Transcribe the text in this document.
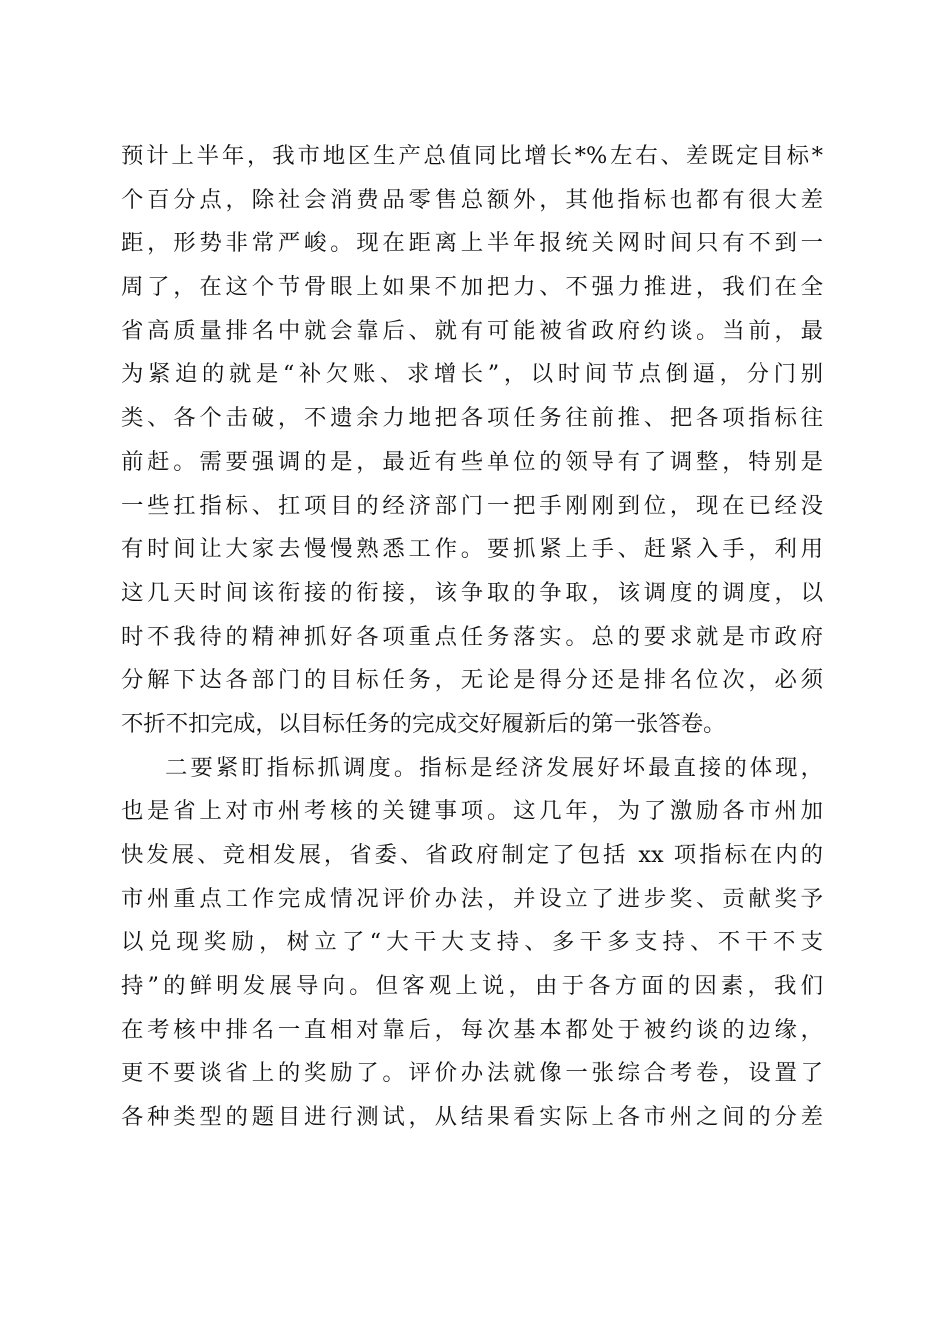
预计上半年，我市地区生产总值同比增长*%左右、差既定目标*
个百分点，除社会消费品零售总额外，其他指标也都有很大差
距，形势非常严峻。现在距离上半年报统关网时间只有不到一
周了，在这个节骨眼上如果不加把力、不强力推进，我们在全
省高质量排名中就会靠后、就有可能被省政府约谈。当前，最
为紧迫的就是“补欠账、求增长”，以时间节点倒逼，分门别
类、各个击破，不遗余力地把各项任务往前推、把各项指标往
前赶。需要强调的是，最近有些单位的领导有了调整，特别是
一些扛指标、扛项目的经济部门一把手刚刚到位，现在已经没
有时间让大家去慢慢熟悉工作。要抓紧上手、赶紧入手，利用
这几天时间该衔接的衔接，该争取的争取，该调度的调度，以
时不我待的精神抓好各项重点任务落实。总的要求就是市政府
分解下达各部门的目标任务，无论是得分还是排名位次，必须
不折不扣完成，以目标任务的完成交好履新后的第一张答卷。
二要紧盯指标抓调度。指标是经济发展好坏最直接的体现，
也是省上对市州考核的关键事项。这几年，为了激励各市州加
快发展、竞相发展，省委、省政府制定了包括 xx 项指标在内的
市州重点工作完成情况评价办法，并设立了进步奖、贡献奖予
以兑现奖励，树立了“大干大支持、多干多支持、不干不支
持”的鲜明发展导向。但客观上说，由于各方面的因素，我们
在考核中排名一直相对靠后，每次基本都处于被约谈的边缘，
更不要谈省上的奖励了。评价办法就像一张综合考卷，设置了
各种类型的题目进行测试，从结果看实际上各市州之间的分差
